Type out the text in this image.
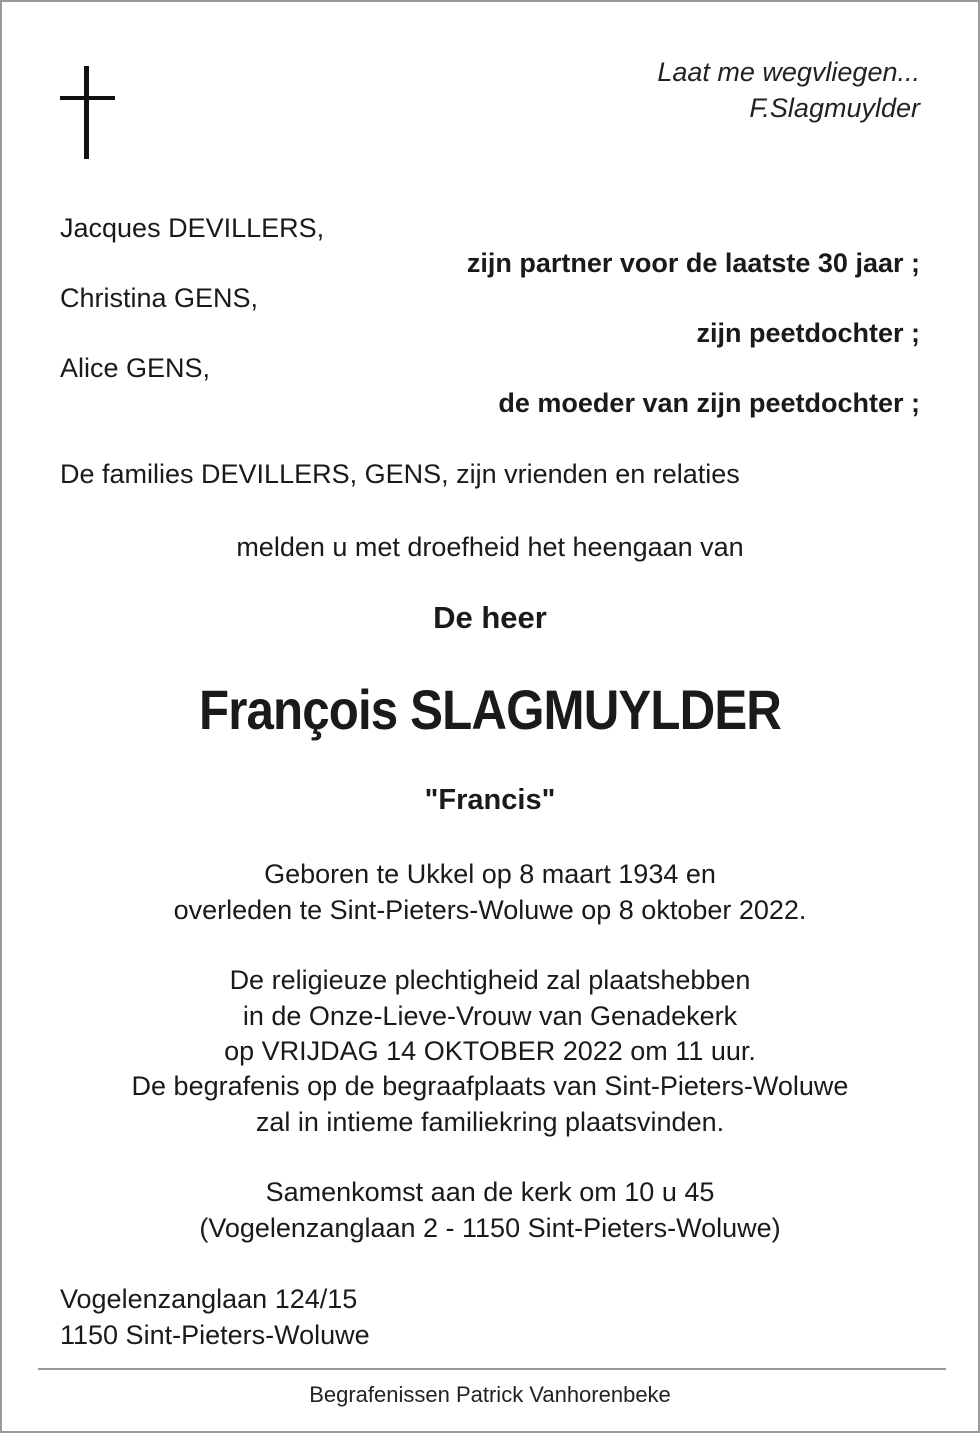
Laat me wegvliegen...
F.Slagmuylder
Jacques DEVILLERS,
zijn partner voor de laatste 30 jaar ;
Christina GENS,
zijn peetdochter ;
Alice GENS,
de moeder van zijn peetdochter ;
De families DEVILLERS, GENS, zijn vrienden en relaties
melden u met droefheid het heengaan van
De heer
François SLAGMUYLDER
"Francis"
Geboren te Ukkel op 8 maart 1934 en
overleden te Sint-Pieters-Woluwe op 8 oktober 2022.
De religieuze plechtigheid zal plaatshebben
in de Onze-Lieve-Vrouw van Genadekerk
op VRIJDAG 14 OKTOBER 2022 om 11 uur.
De begrafenis op de begraafplaats van Sint-Pieters-Woluwe
zal in intieme familiekring plaatsvinden.
Samenkomst aan de kerk om 10 u 45
(Vogelenzanglaan 2 - 1150 Sint-Pieters-Woluwe)
Vogelenzanglaan 124/15
1150 Sint-Pieters-Woluwe
Begrafenissen Patrick Vanhorenbeke
